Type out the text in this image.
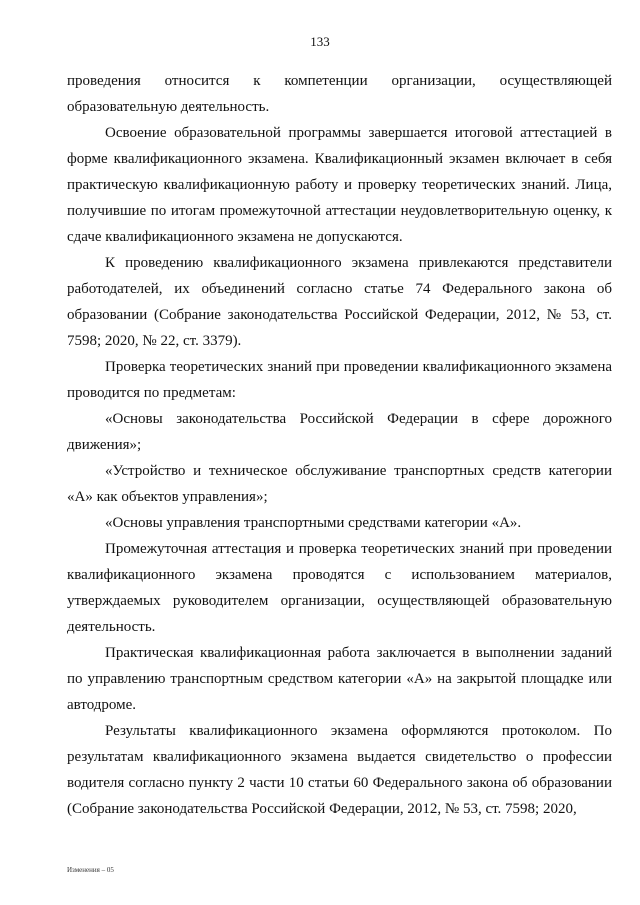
133

проведения относится к компетенции организации, осуществляющей образовательную деятельность.

Освоение образовательной программы завершается итоговой аттестацией в форме квалификационного экзамена. Квалификационный экзамен включает в себя практическую квалификационную работу и проверку теоретических знаний. Лица, получившие по итогам промежуточной аттестации неудовлетворительную оценку, к сдаче квалификационного экзамена не допускаются.

К проведению квалификационного экзамена привлекаются представители работодателей, их объединений согласно статье 74 Федерального закона об образовании (Собрание законодательства Российской Федерации, 2012, № 53, ст. 7598; 2020, № 22, ст. 3379).

Проверка теоретических знаний при проведении квалификационного экзамена проводится по предметам:

«Основы законодательства Российской Федерации в сфере дорожного движения»;

«Устройство и техническое обслуживание транспортных средств категории «А» как объектов управления»;

«Основы управления транспортными средствами категории «А».

Промежуточная аттестация и проверка теоретических знаний при проведении квалификационного экзамена проводятся с использованием материалов, утверждаемых руководителем организации, осуществляющей образовательную деятельность.

Практическая квалификационная работа заключается в выполнении заданий по управлению транспортным средством категории «А» на закрытой площадке или автодроме.

Результаты квалификационного экзамена оформляются протоколом. По результатам квалификационного экзамена выдается свидетельство о профессии водителя согласно пункту 2 части 10 статьи 60 Федерального закона об образовании (Собрание законодательства Российской Федерации, 2012, № 53, ст. 7598; 2020,

Изменения – 05
